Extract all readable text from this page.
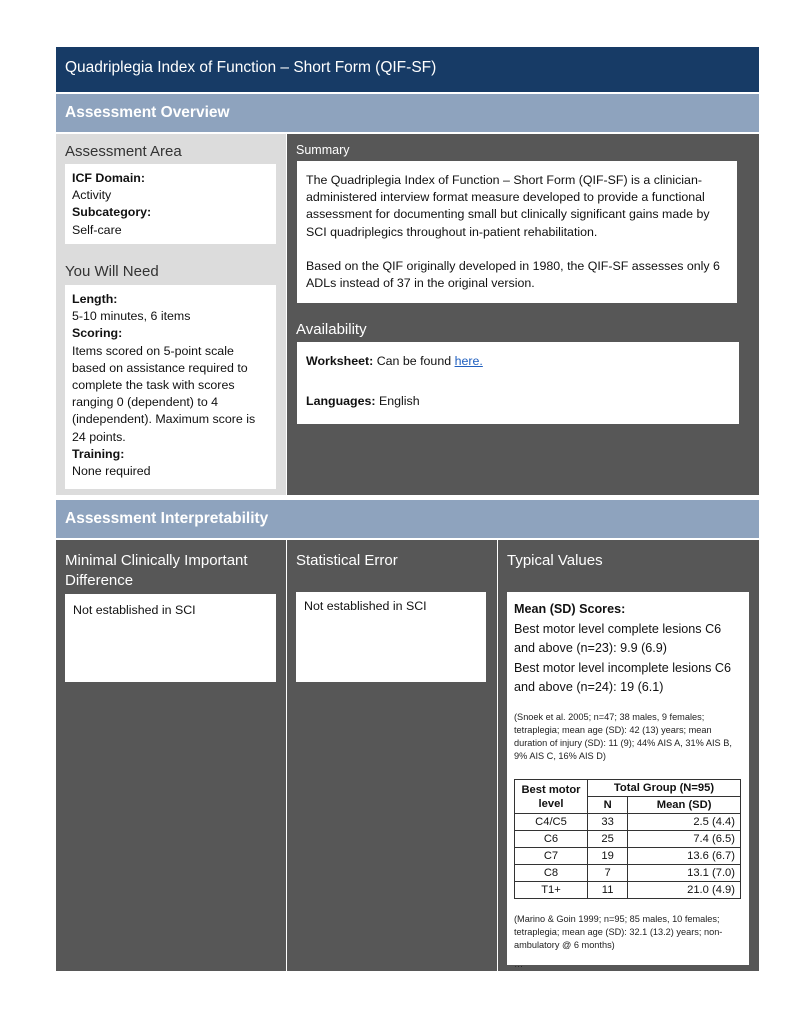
Quadriplegia Index of Function – Short Form (QIF-SF)
Assessment Overview
Assessment Area
ICF Domain:
Activity
Subcategory:
Self-care
You Will Need
Length:
5-10 minutes, 6 items
Scoring:
Items scored on 5-point scale based on assistance required to complete the task with scores ranging 0 (dependent) to 4 (independent). Maximum score is 24 points.
Training:
None required
Summary

The Quadriplegia Index of Function – Short Form (QIF-SF) is a clinician-administered interview format measure developed to provide a functional assessment for documenting small but clinically significant gains made by SCI quadriplegics throughout in-patient rehabilitation.

Based on the QIF originally developed in 1980, the QIF-SF assesses only 6 ADLs instead of 37 in the original version.

Availability
Worksheet: Can be found here.
Languages: English
Assessment Interpretability
Minimal Clinically Important Difference
Not established in SCI
Statistical Error
Not established in SCI
Typical Values
Mean (SD) Scores:
Best motor level complete lesions C6 and above (n=23): 9.9 (6.9)
Best motor level incomplete lesions C6 and above (n=24): 19 (6.1)
(Snoek et al. 2005; n=47; 38 males, 9 females; tetraplegia; mean age (SD): 42 (13) years; mean duration of injury (SD): 11 (9); 44% AIS A, 31% AIS B, 9% AIS C, 16% AIS D)
Best motor level	Total Group (N=95)	
	N	Mean (SD)
C4/C5	33	2.5 (4.4)
C6	25	7.4 (6.5)
C7	19	13.6 (6.7)
C8	7	13.1 (7.0)
T1+	11	21.0 (4.9)
(Marino & Goin 1999; n=95; 85 males, 10 females; tetraplegia; mean age (SD): 32.1 (13.2) years; non-ambulatory @ 6 months)
…
